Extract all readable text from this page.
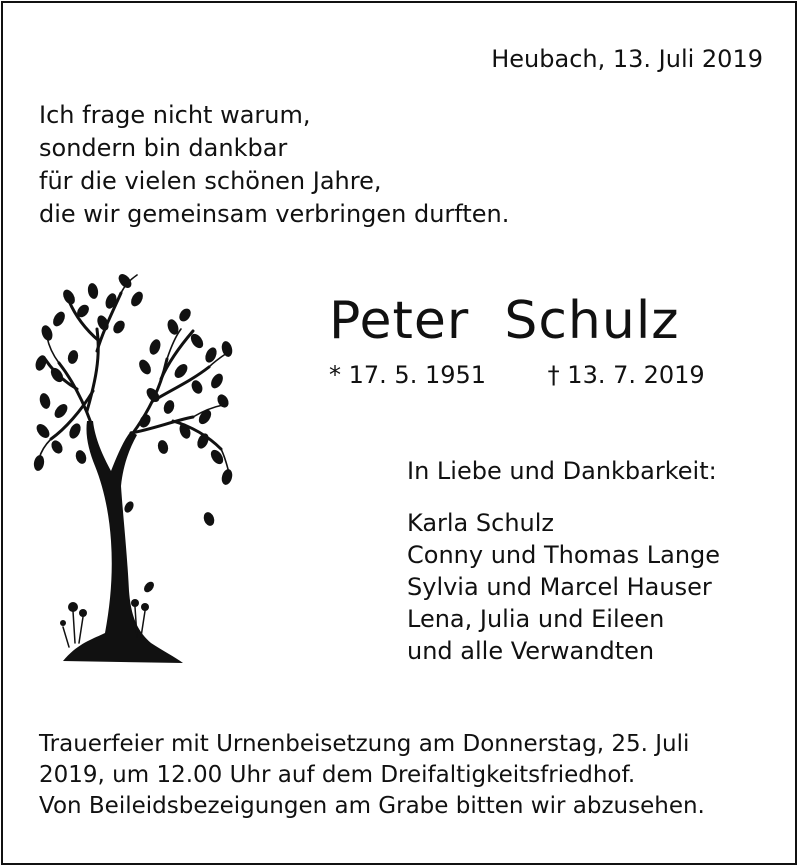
Heubach, 13. Juli 2019
Ich frage nicht warum,
sondern bin dankbar
für die vielen schönen Jahre,
die wir gemeinsam verbringen durften.
Peter  Schulz
* 17. 5. 1951	† 13. 7. 2019
In Liebe und Dankbarkeit:
Karla Schulz
Conny und Thomas Lange
Sylvia und Marcel Hauser
Lena, Julia und Eileen
und alle Verwandten
Trauerfeier mit Urnenbeisetzung am Donnerstag, 25. Juli
2019, um 12.00 Uhr auf dem Dreifaltigkeitsfriedhof.
Von Beileidsbezeigungen am Grabe bitten wir abzusehen.
